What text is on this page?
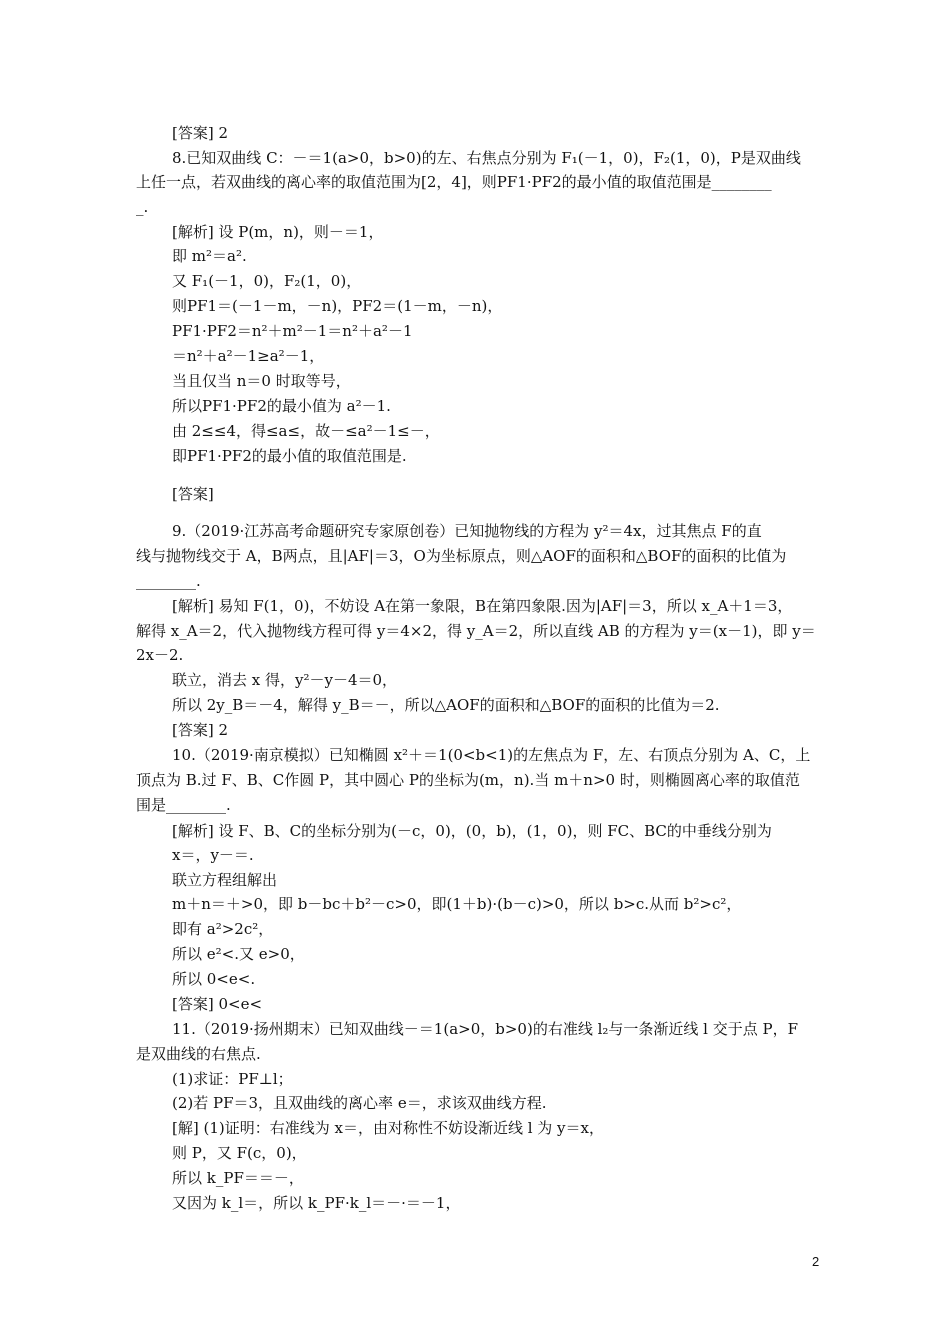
[答案] 2
8.已知双曲线 C：－＝1(a>0，b>0)的左、右焦点分别为 F₁(－1，0)，F₂(1，0)，P是双曲线
上任一点，若双曲线的离心率的取值范围为[2，4]，则PF1·PF2的最小值的取值范围是________
_.
[解析] 设 P(m，n)，则－＝1，
即 m²＝a².
又 F₁(－1，0)，F₂(1，0)，
则PF1＝(－1－m，－n)，PF2＝(1－m，－n)，
PF1·PF2＝n²＋m²－1＝n²＋a²－1
＝n²＋a²－1≥a²－1，
当且仅当 n＝0 时取等号，
所以PF1·PF2的最小值为 a²－1.
由 2≤≤4，得≤a≤，故－≤a²－1≤－，
即PF1·PF2的最小值的取值范围是.
[答案]
9.（2019·江苏高考命题研究专家原创卷）已知抛物线的方程为 y²＝4x，过其焦点 F的直
线与抛物线交于 A，B两点，且|AF|＝3，O为坐标原点，则△AOF的面积和△BOF的面积的比值为
________.
[解析] 易知 F(1，0)，不妨设 A在第一象限，B在第四象限.因为|AF|＝3，所以 x_A＋1＝3，
解得 x_A＝2，代入抛物线方程可得 y＝4×2，得 y_A＝2，所以直线 AB 的方程为 y＝(x－1)，即 y＝
2x－2.
联立，消去 x 得，y²－y－4＝0，
所以 2y_B＝－4，解得 y_B＝－，所以△AOF的面积和△BOF的面积的比值为＝2.
[答案] 2
10.（2019·南京模拟）已知椭圆 x²＋＝1(0<b<1)的左焦点为 F，左、右顶点分别为 A、C，上
顶点为 B.过 F、B、C作圆 P，其中圆心 P的坐标为(m，n).当 m＋n>0 时，则椭圆离心率的取值范
围是________.
[解析] 设 F、B、C的坐标分别为(－c，0)，(0，b)，(1，0)，则 FC、BC的中垂线分别为
x＝，y－＝.
联立方程组解出
m＋n＝＋>0，即 b－bc＋b²－c>0，即(1＋b)·(b－c)>0，所以 b>c.从而 b²>c²，
即有 a²>2c²，
所以 e²<.又 e>0，
所以 0<e<.
[答案] 0<e<
11.（2019·扬州期末）已知双曲线－＝1(a>0，b>0)的右准线 l₂与一条渐近线 l 交于点 P，F
是双曲线的右焦点.
(1)求证：PF⊥l；
(2)若 PF＝3，且双曲线的离心率 e＝，求该双曲线方程.
[解] (1)证明：右准线为 x＝，由对称性不妨设渐近线 l 为 y＝x，
则 P，又 F(c，0)，
所以 k_PF＝＝－，
又因为 k_l＝，所以 k_PF·k_l＝－·＝－1，
2
